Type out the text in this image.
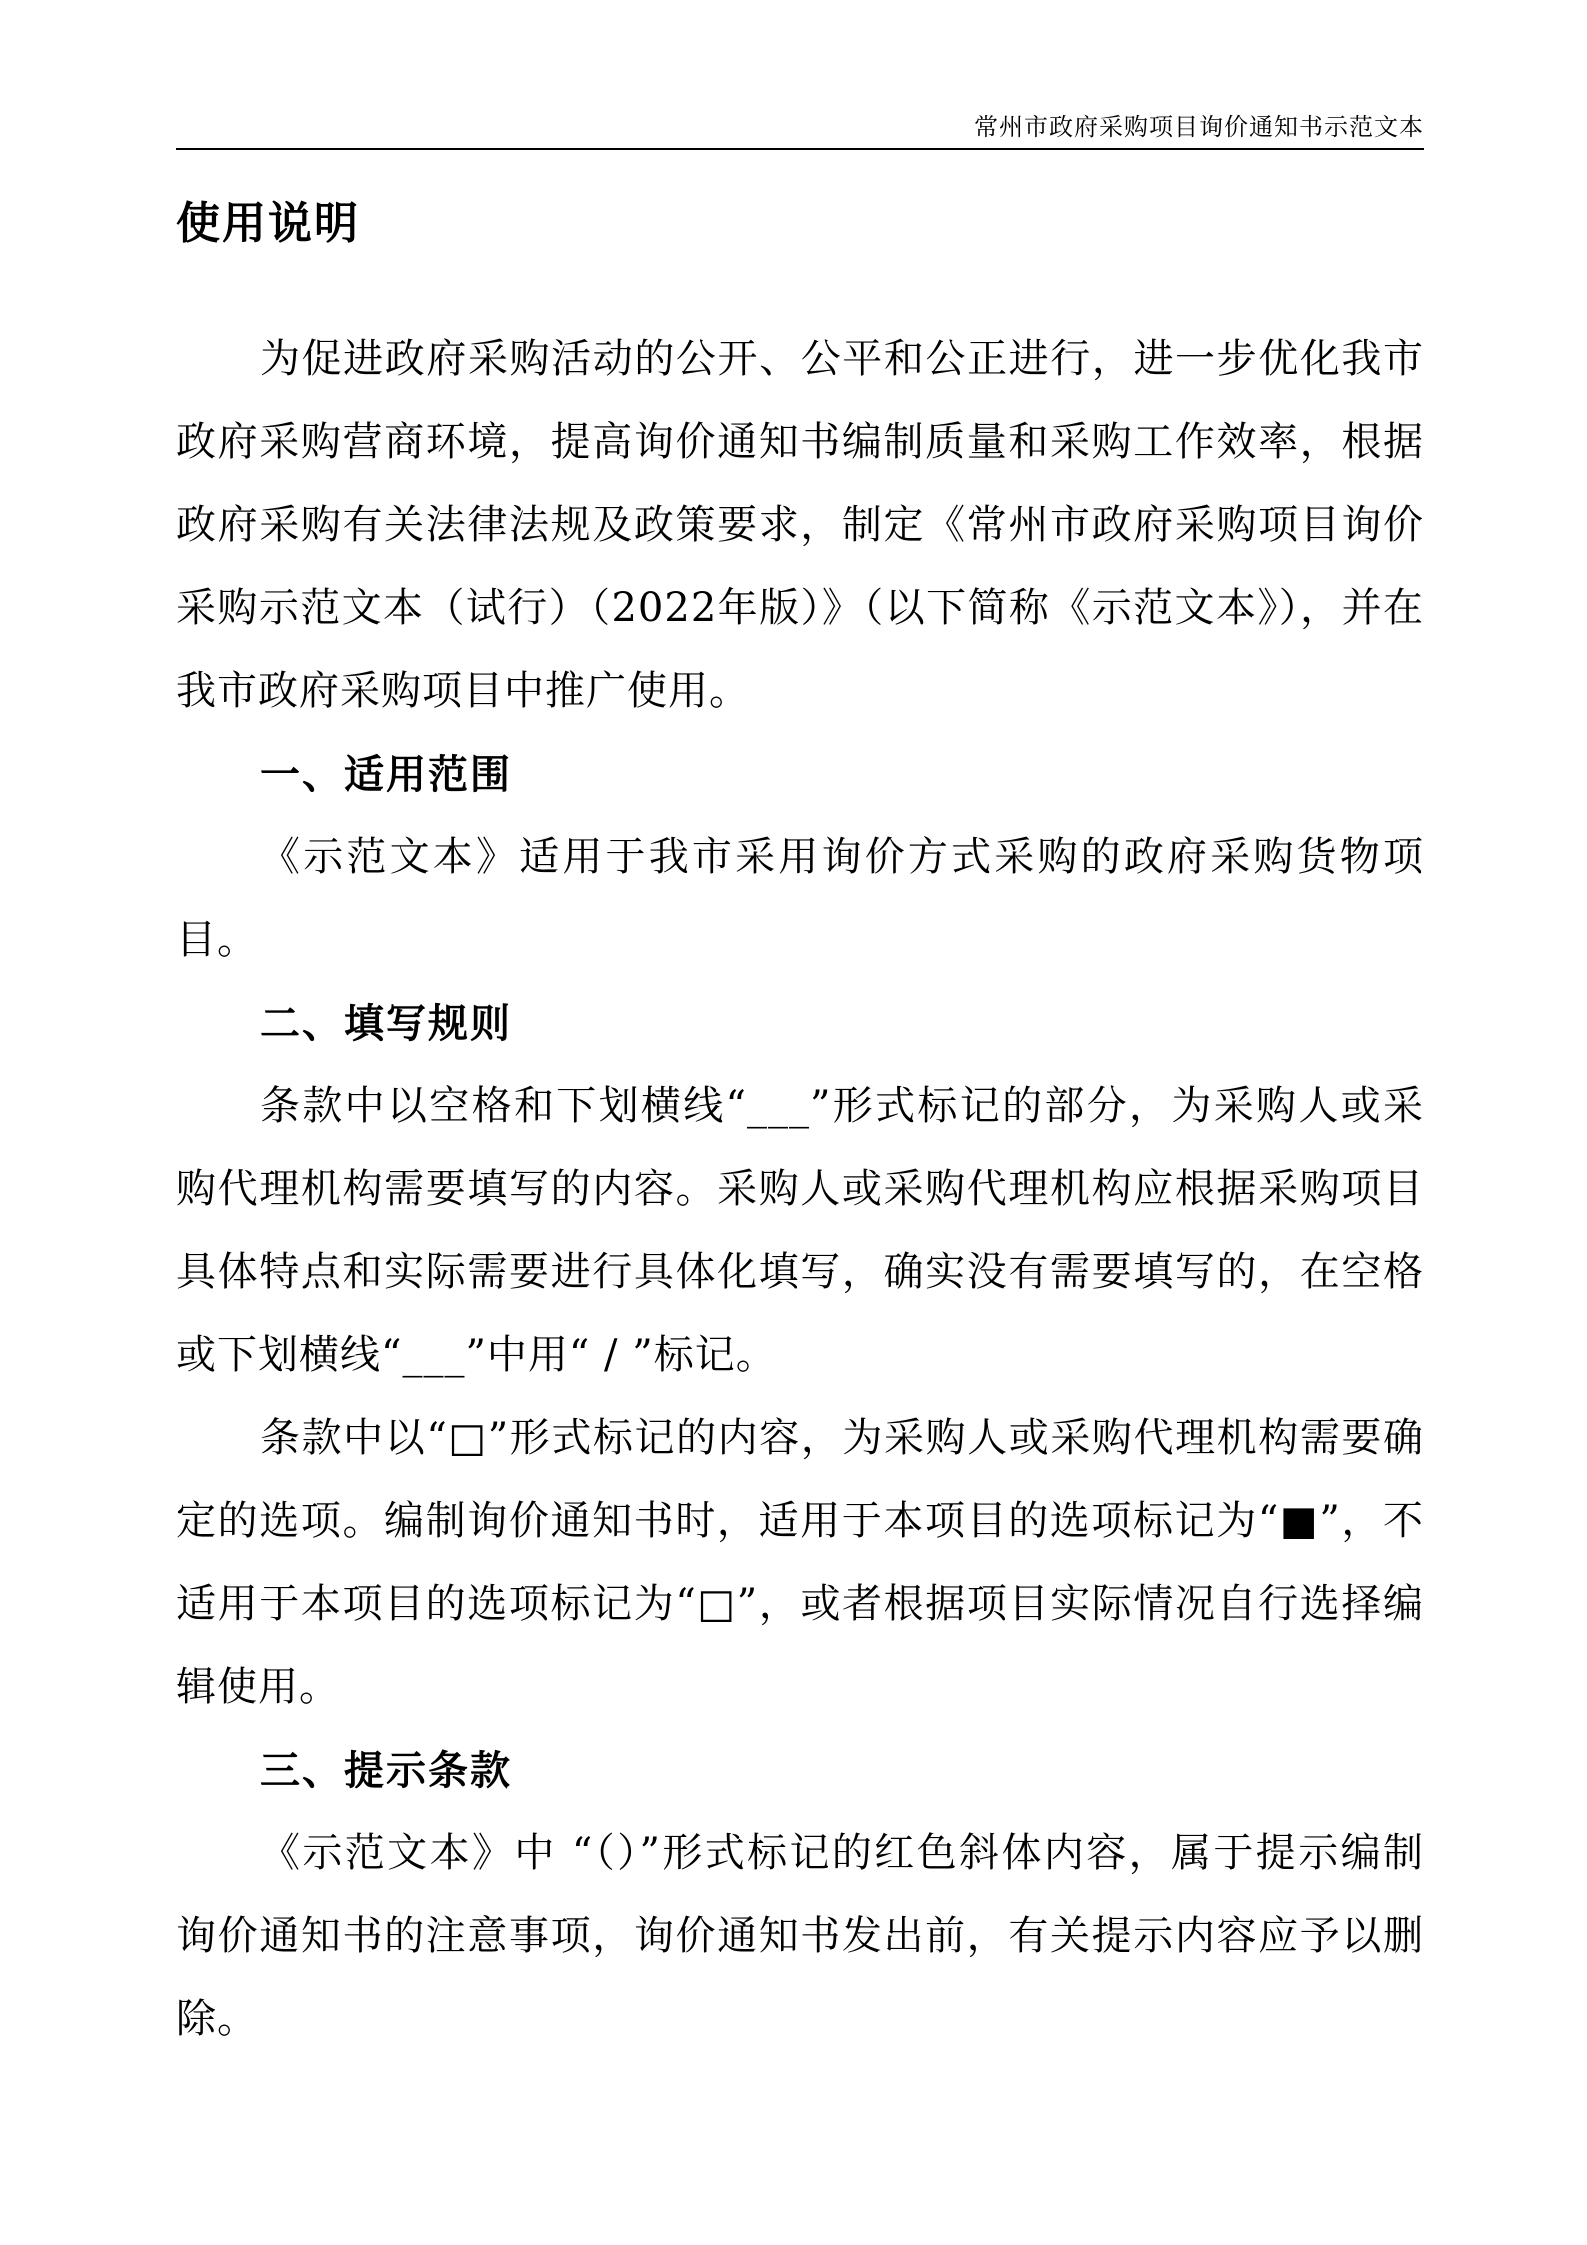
常州市政府采购项目询价通知书示范文本
使用说明

为促进政府采购活动的公开、公平和公正进行，进一步优化我市政府采购营商环境，提高询价通知书编制质量和采购工作效率，根据政府采购有关法律法规及政策要求，制定《常州市政府采购项目询价采购示范文本（试行）（2022年版）》（以下简称《示范文本》），并在我市政府采购项目中推广使用。

一、适用范围

《示范文本》适用于我市采用询价方式采购的政府采购货物项目。

二、填写规则

条款中以空格和下划横线“___”形式标记的部分，为采购人或采购代理机构需要填写的内容。采购人或采购代理机构应根据采购项目具体特点和实际需要进行具体化填写，确实没有需要填写的，在空格或下划横线“___”中用“ / ”标记。

条款中以“□”形式标记的内容，为采购人或采购代理机构需要确定的选项。编制询价通知书时，适用于本项目的选项标记为“■”，不适用于本项目的选项标记为“□”，或者根据项目实际情况自行选择编辑使用。

三、提示条款

《示范文本》中 “（）”形式标记的红色斜体内容，属于提示编制询价通知书的注意事项，询价通知书发出前，有关提示内容应予以删除。
